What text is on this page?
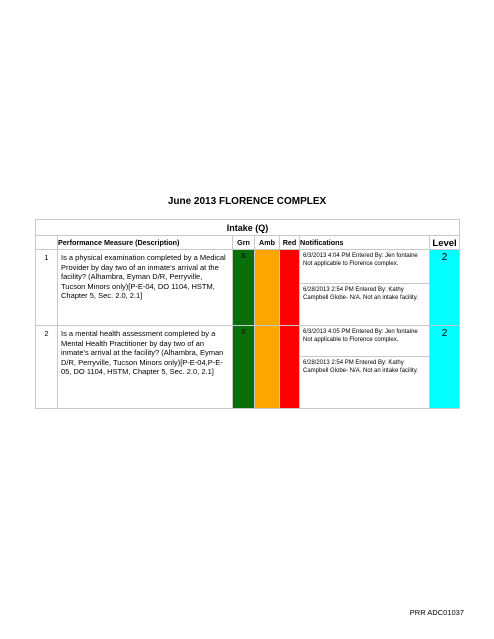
June 2013 FLORENCE COMPLEX
Intake (Q)						
	Performance Measure (Description)	Grn	Amb	Red	Notifications	Level
1	Is a physical examination completed by a Medical Provider by day two of an inmate's arrival at the facility? (Alhambra, Eyman D/R, Perryville, Tucson Minors only)[P-E-04, DO 1104, HSTM, Chapter 5, Sec. 2.0, 2.1]	X			6/3/2013 4:04 PM Entered By: Jen fontaine Not applicable to Florence complex.
6/28/2013 2:54 PM Entered By: Kathy Campbell Globe- N/A. Not an intake facility.	2
2	Is a mental health assessment completed by a Mental Health Practitioner by day two of an inmate's arrival at the facility? (Alhambra, Eyman D/R, Perryville, Tucson Minors only)[P-E-04,P-E-05, DO 1104, HSTM, Chapter 5, Sec. 2.0, 2.1]	X			6/3/2013 4:05 PM Entered By: Jen fontaine Not applicable to Florence complex.
6/28/2013 2:54 PM Entered By: Kathy Campbell Globe- N/A. Not an intake facility.	2
PRR ADC01037
